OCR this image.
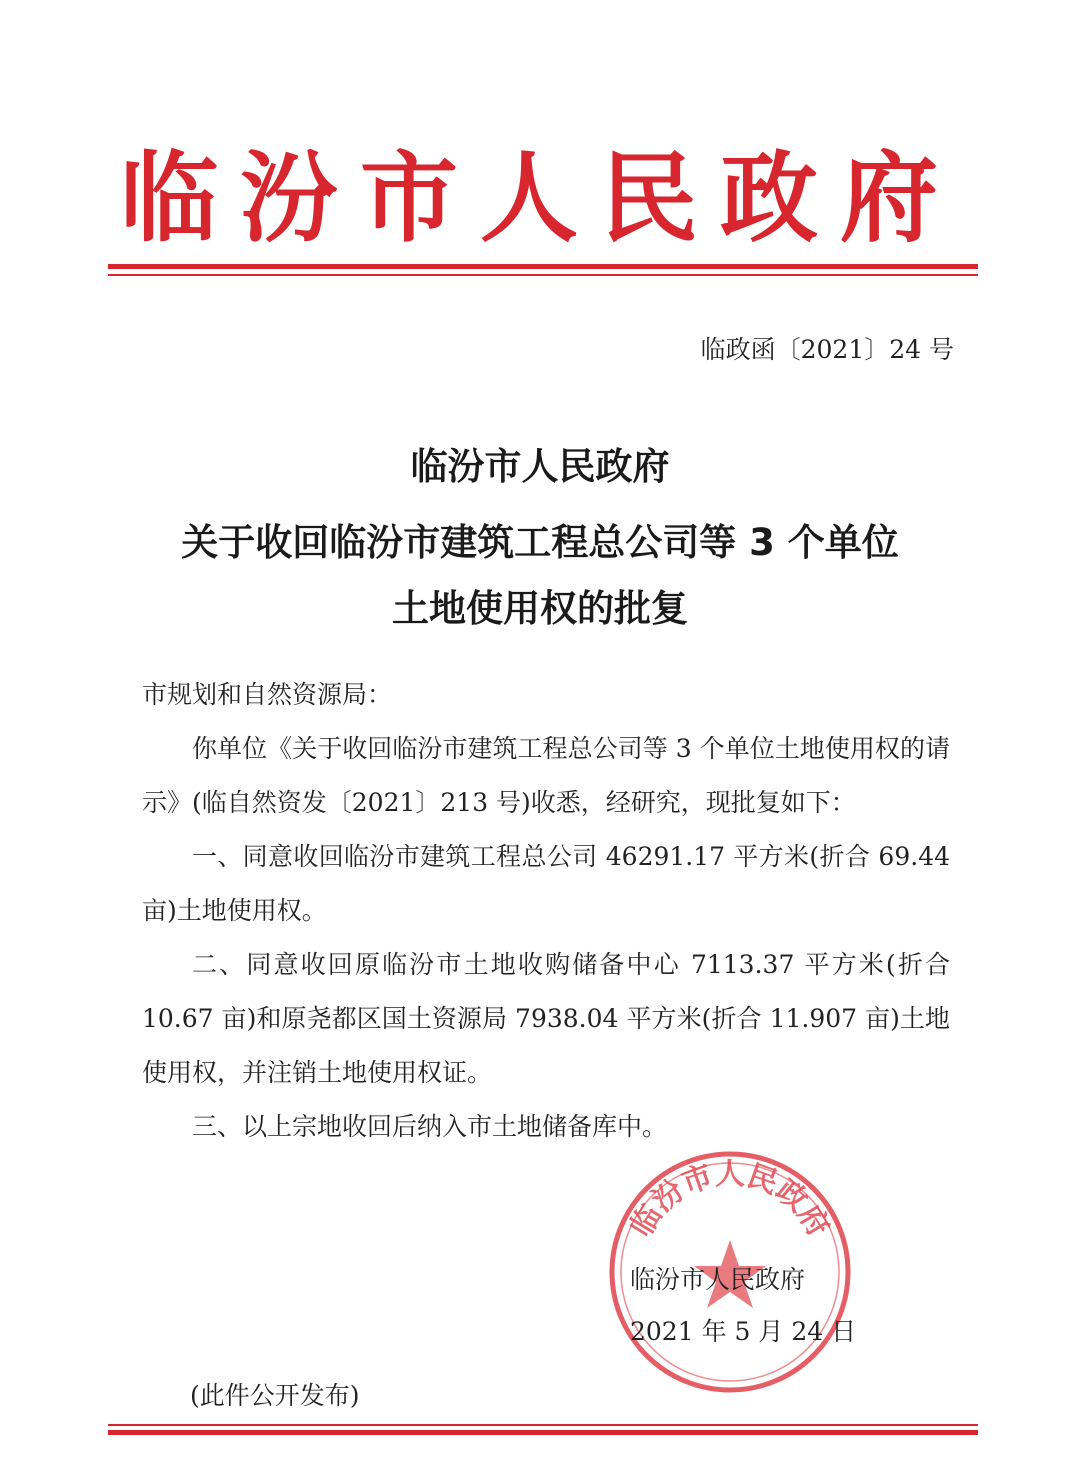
临汾市人民政府
临政函〔2021〕24 号
临汾市人民政府
关于收回临汾市建筑工程总公司等 3 个单位
土地使用权的批复
市规划和自然资源局：
你单位《关于收回临汾市建筑工程总公司等 3 个单位土地使用权的请示》(临自然资发〔2021〕213 号)收悉，经研究，现批复如下：
一、同意收回临汾市建筑工程总公司 46291.17 平方米(折合 69.44 亩)土地使用权。
二、同意收回原临汾市土地收购储备中心 7113.37 平方米(折合 10.67 亩)和原尧都区国土资源局 7938.04 平方米(折合 11.907 亩)土地使用权，并注销土地使用权证。
三、以上宗地收回后纳入市土地储备库中。
临汾市人民政府
临汾市人民政府
2021 年 5 月 24 日
(此件公开发布)
